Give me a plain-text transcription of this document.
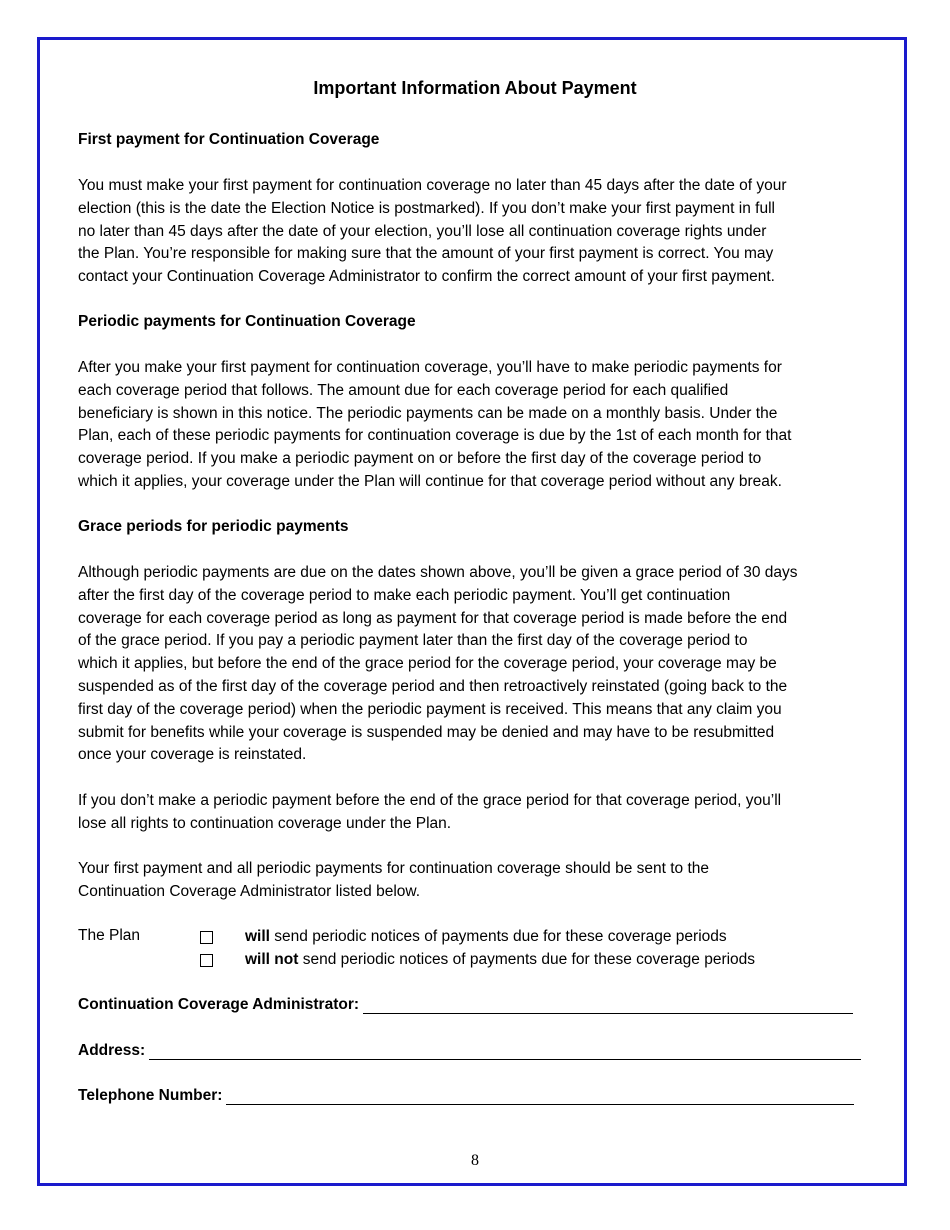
Important Information About Payment
First payment for Continuation Coverage
You must make your first payment for continuation coverage no later than 45 days after the date of your
election (this is the date the Election Notice is postmarked). If you don’t make your first payment in full
no later than 45 days after the date of your election, you’ll lose all continuation coverage rights under
the Plan. You’re responsible for making sure that the amount of your first payment is correct. You may
contact your Continuation Coverage Administrator to confirm the correct amount of your first payment.
Periodic payments for Continuation Coverage
After you make your first payment for continuation coverage, you’ll have to make periodic payments for
each coverage period that follows. The amount due for each coverage period for each qualified
beneficiary is shown in this notice. The periodic payments can be made on a monthly basis. Under the
Plan, each of these periodic payments for continuation coverage is due by the 1st of each month for that
coverage period. If you make a periodic payment on or before the first day of the coverage period to
which it applies, your coverage under the Plan will continue for that coverage period without any break.
Grace periods for periodic payments
Although periodic payments are due on the dates shown above, you’ll be given a grace period of 30 days
after the first day of the coverage period to make each periodic payment. You’ll get continuation
coverage for each coverage period as long as payment for that coverage period is made before the end
of the grace period. If you pay a periodic payment later than the first day of the coverage period to
which it applies, but before the end of the grace period for the coverage period, your coverage may be
suspended as of the first day of the coverage period and then retroactively reinstated (going back to the
first day of the coverage period) when the periodic payment is received. This means that any claim you
submit for benefits while your coverage is suspended may be denied and may have to be resubmitted
once your coverage is reinstated.
If you don’t make a periodic payment before the end of the grace period for that coverage period, you’ll
lose all rights to continuation coverage under the Plan.
Your first payment and all periodic payments for continuation coverage should be sent to the
Continuation Coverage Administrator listed below.
The Plan	will send periodic notices of payments due for these coverage periods
will not send periodic notices of payments due for these coverage periods
Continuation Coverage Administrator:
Address:
Telephone Number:
8
